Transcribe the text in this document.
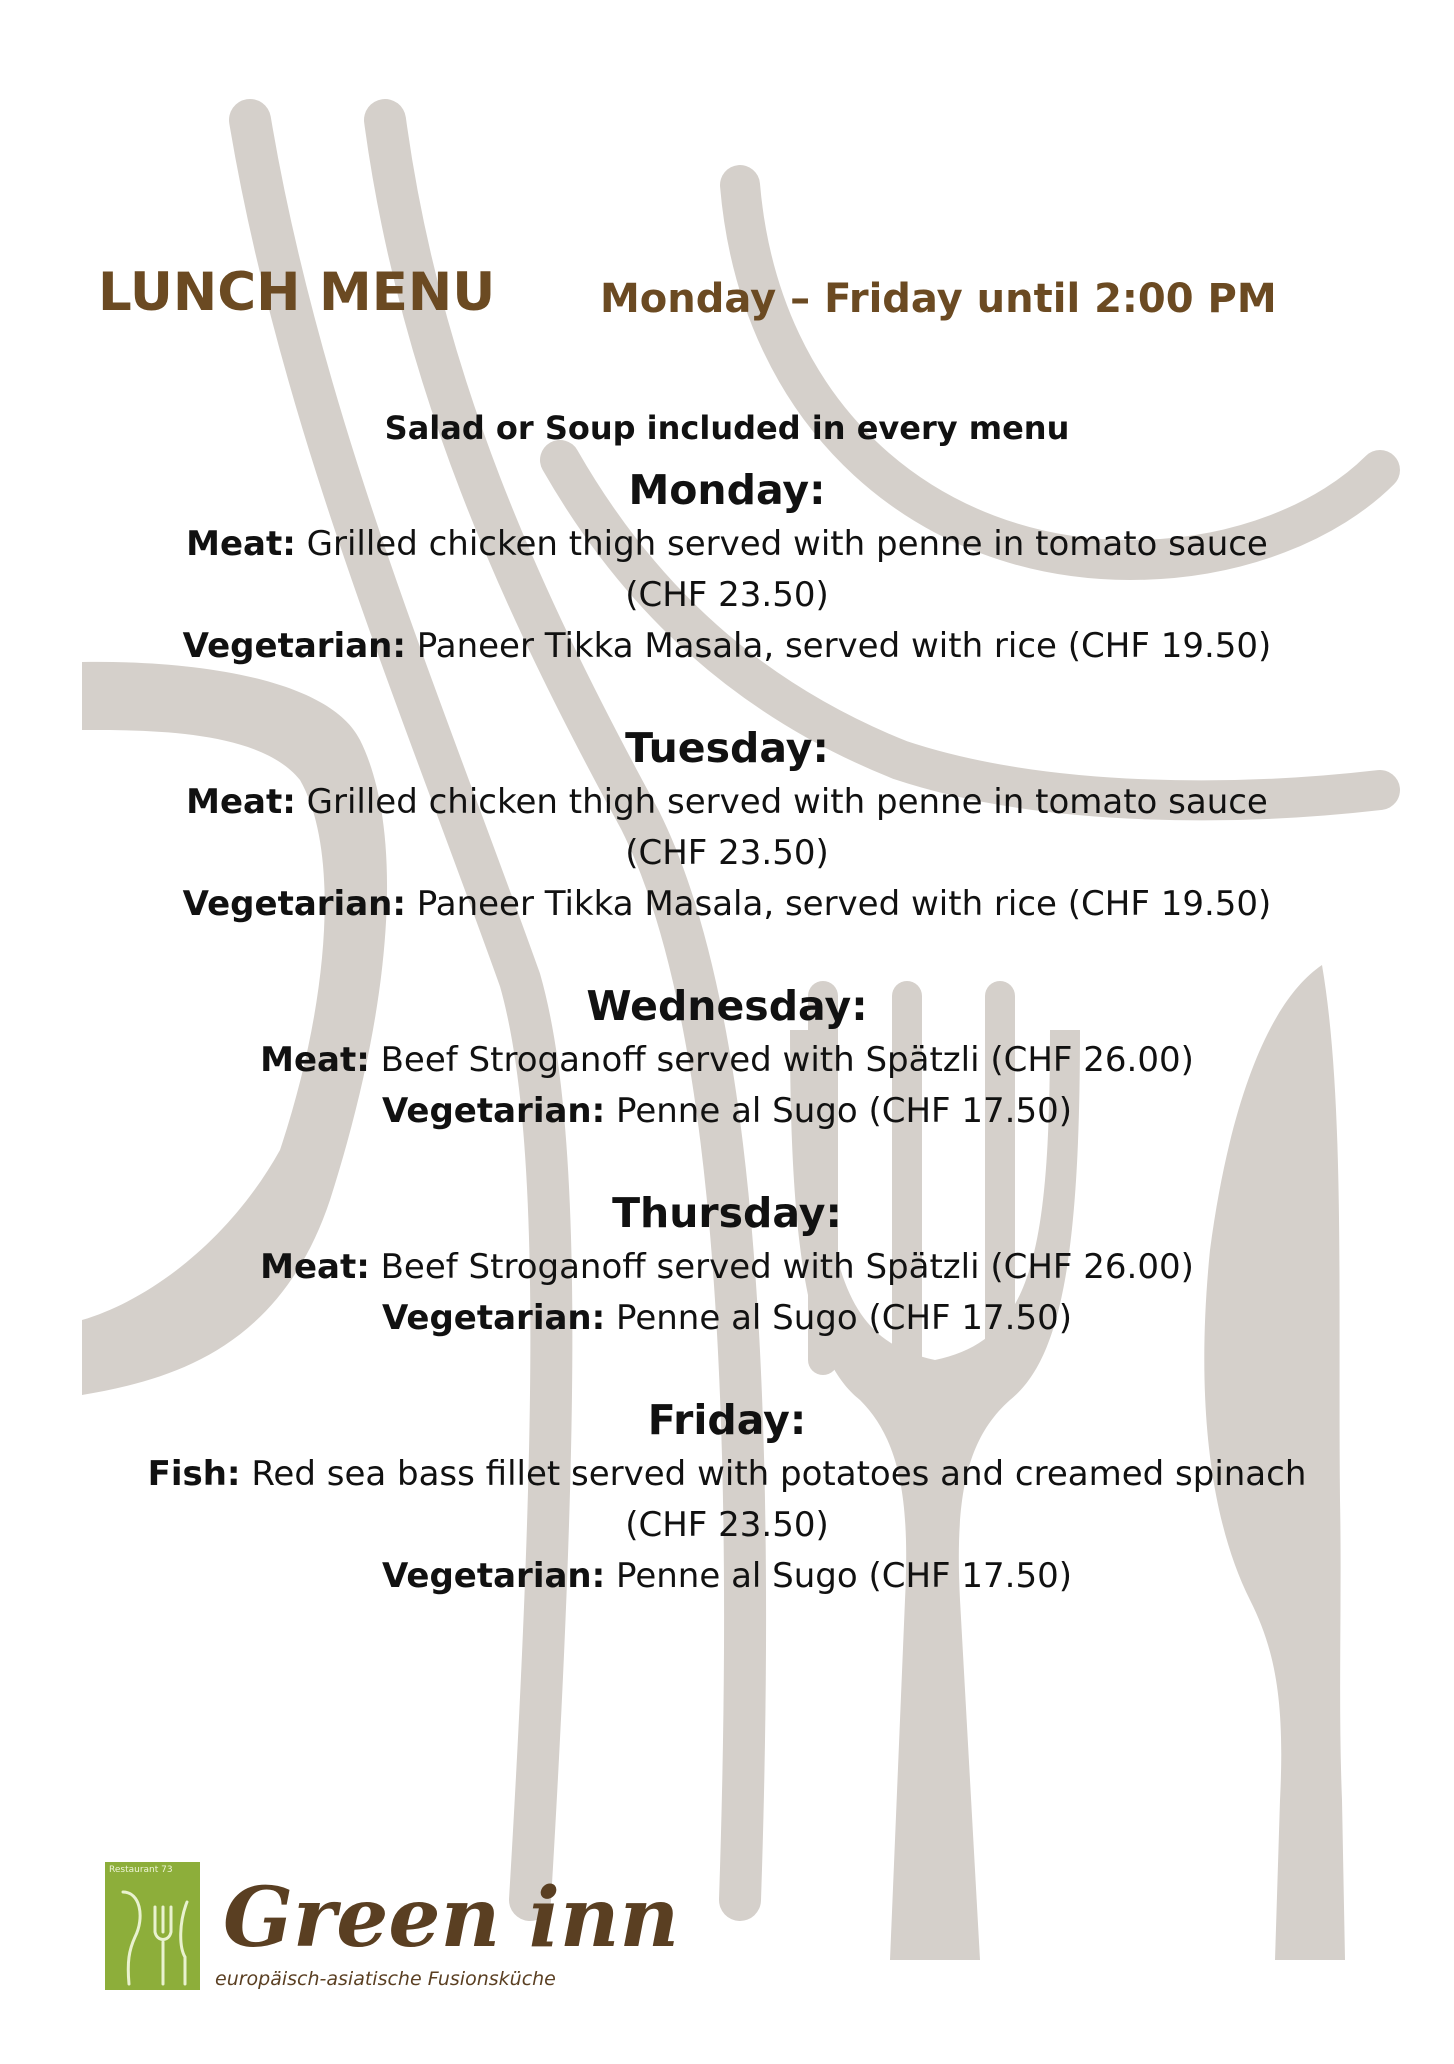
LUNCH MENU	Monday – Friday until 2:00 PM
Salad or Soup included in every menu
Monday:
Meat: Grilled chicken thigh served with penne in tomato sauce
(CHF 23.50)
Vegetarian: Paneer Tikka Masala, served with rice (CHF 19.50)
Tuesday:
Meat: Grilled chicken thigh served with penne in tomato sauce
(CHF 23.50)
Vegetarian: Paneer Tikka Masala, served with rice (CHF 19.50)
Wednesday:
Meat: Beef Stroganoff served with Spätzli (CHF 26.00)
Vegetarian: Penne al Sugo (CHF 17.50)
Thursday:
Meat: Beef Stroganoff served with Spätzli (CHF 26.00)
Vegetarian: Penne al Sugo (CHF 17.50)
Friday:
Fish: Red sea bass fillet served with potatoes and creamed spinach
(CHF 23.50)
Vegetarian: Penne al Sugo (CHF 17.50)
Restaurant 73 Green inn
europäisch-asiatische Fusionsküche
